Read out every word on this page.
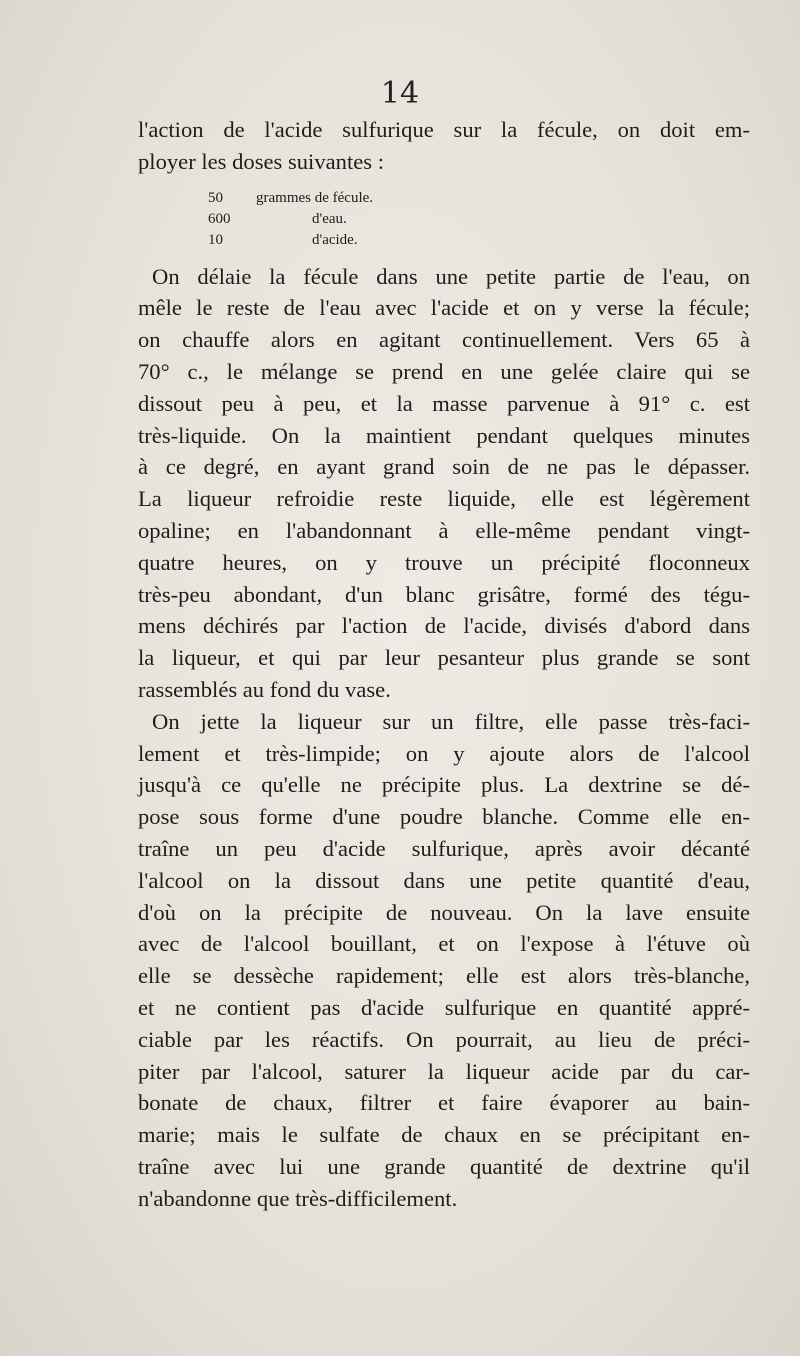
14
l'action de l'acide sulfurique sur la fécule, on doit em-
ployer les doses suivantes :
50	grammes de fécule.
600	d'eau.
10	d'acide.
On délaie la fécule dans une petite partie de l'eau, on
mêle le reste de l'eau avec l'acide et on y verse la fécule;
on chauffe alors en agitant continuellement. Vers 65 à
70° c., le mélange se prend en une gelée claire qui se
dissout peu à peu, et la masse parvenue à 91° c. est
très-liquide. On la maintient pendant quelques minutes
à ce degré, en ayant grand soin de ne pas le dépasser.
La liqueur refroidie reste liquide, elle est légèrement
opaline; en l'abandonnant à elle-même pendant vingt-
quatre heures, on y trouve un précipité floconneux
très-peu abondant, d'un blanc grisâtre, formé des tégu-
mens déchirés par l'action de l'acide, divisés d'abord dans
la liqueur, et qui par leur pesanteur plus grande se sont
rassemblés au fond du vase.
On jette la liqueur sur un filtre, elle passe très-faci-
lement et très-limpide; on y ajoute alors de l'alcool
jusqu'à ce qu'elle ne précipite plus. La dextrine se dé-
pose sous forme d'une poudre blanche. Comme elle en-
traîne un peu d'acide sulfurique, après avoir décanté
l'alcool on la dissout dans une petite quantité d'eau,
d'où on la précipite de nouveau. On la lave ensuite
avec de l'alcool bouillant, et on l'expose à l'étuve où
elle se dessèche rapidement; elle est alors très-blanche,
et ne contient pas d'acide sulfurique en quantité appré-
ciable par les réactifs. On pourrait, au lieu de préci-
piter par l'alcool, saturer la liqueur acide par du car-
bonate de chaux, filtrer et faire évaporer au bain-
marie; mais le sulfate de chaux en se précipitant en-
traîne avec lui une grande quantité de dextrine qu'il
n'abandonne que très-difficilement.
